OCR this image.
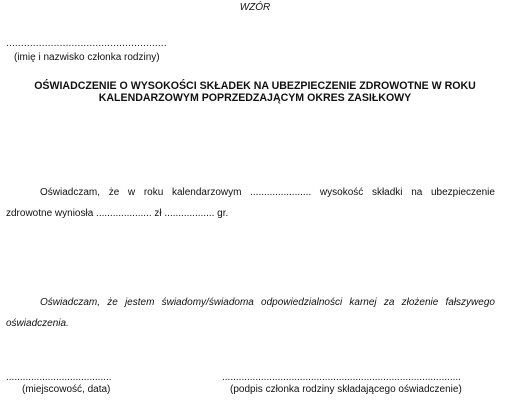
WZÓR
......................................................
(imię i nazwisko członka rodziny)
OŚWIADCZENIE O WYSOKOŚCI SKŁADEK NA UBEZPIECZENIE ZDROWOTNE W ROKU
KALENDARZOWYM POPRZEDZAJĄCYM OKRES ZASIŁKOWY
Oświadczam, że w roku kalendarzowym ...................... wysokość składki na ubezpieczenie
zdrowotne wyniosła .................... zł .................. gr.
Oświadczam, że jestem świadomy/świadoma odpowiedzialności karnej za złożenie fałszywego
oświadczenia.
......................................
(miejscowość, data)
......................................................................................
(podpis członka rodziny składającego oświadczenie)
